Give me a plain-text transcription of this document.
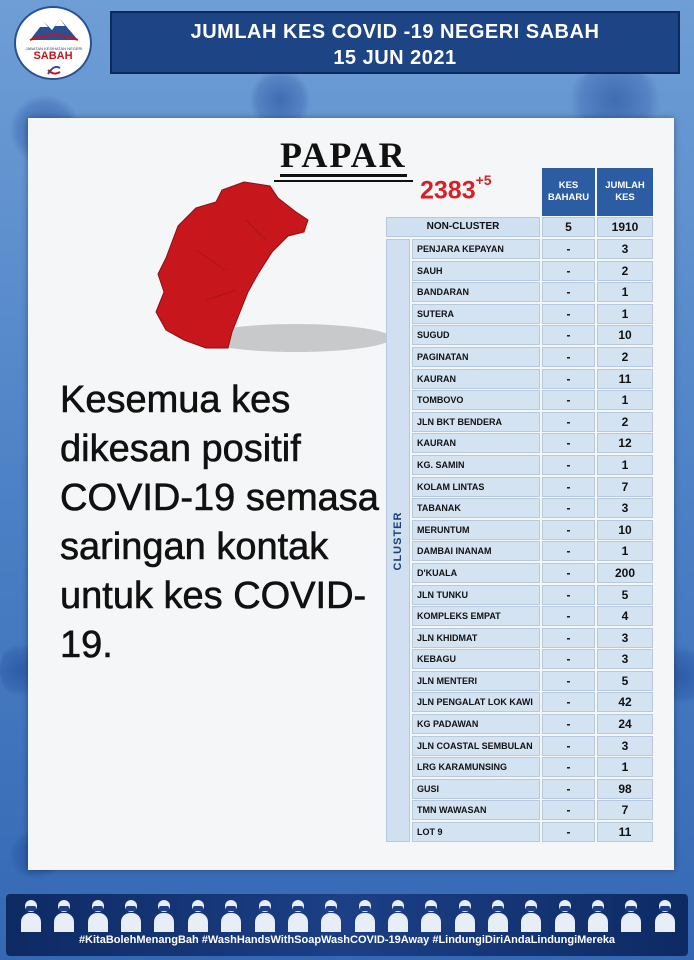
JABATAN KESIHATAN NEGERI
SABAH
JUMLAH KES COVID -19 NEGERI SABAH
15 JUN 2021
PAPAR
$2383^{+5}$
Kesemua kes dikesan positif COVID-19 semasa saringan kontak untuk kes COVID-19.
KES BAHARU
JUMLAH KES
NON-CLUSTER	5	1910
CLUSTER
PENJARA KEPAYAN	-	3
SAUH	-	2
BANDARAN	-	1
SUTERA	-	1
SUGUD	-	10
PAGINATAN	-	2
KAURAN	-	11
TOMBOVO	-	1
JLN BKT BENDERA	-	2
KAURAN	-	12
KG. SAMIN	-	1
KOLAM LINTAS	-	7
TABANAK	-	3
MERUNTUM	-	10
DAMBAI INANAM	-	1
D'KUALA	-	200
JLN TUNKU	-	5
KOMPLEKS EMPAT	-	4
JLN KHIDMAT	-	3
KEBAGU	-	3
JLN MENTERI	-	5
JLN PENGALAT LOK KAWI	-	42
KG PADAWAN	-	24
JLN COASTAL SEMBULAN	-	3
LRG KARAMUNSING	-	1
GUSI	-	98
TMN WAWASAN	-	7
LOT 9	-	11
#KitaBolehMenangBah #WashHandsWithSoapWashCOVID-19Away #LindungiDiriAndaLindungiMereka
